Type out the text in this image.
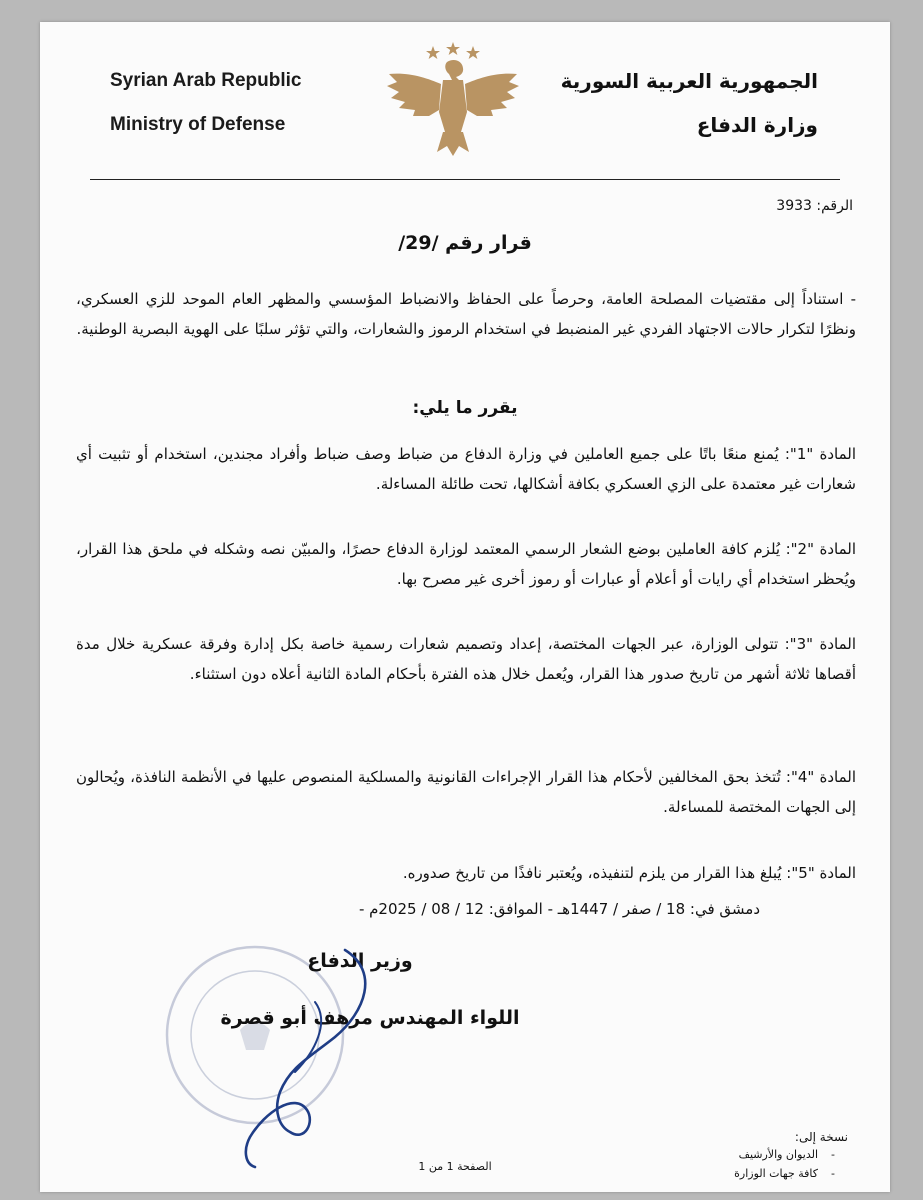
Syrian Arab Republic
Ministry of Defense
الجمهورية العربية السورية
وزارة الدفاع
الرقم: 3933
قرار رقم /29/
- استناداً إلى مقتضيات المصلحة العامة، وحرصاً على الحفاظ والانضباط المؤسسي والمظهر العام الموحد للزي العسكري، ونظرًا لتكرار حالات الاجتهاد الفردي غير المنضبط في استخدام الرموز والشعارات، والتي تؤثر سلبًا على الهوية البصرية الوطنية.
يقرر ما يلي:
المادة "1": يُمنع منعًا باتًا على جميع العاملين في وزارة الدفاع من ضباط وصف ضباط وأفراد مجندين، استخدام أو تثبيت أي شعارات غير معتمدة على الزي العسكري بكافة أشكالها، تحت طائلة المساءلة.
المادة "2": يُلزم كافة العاملين بوضع الشعار الرسمي المعتمد لوزارة الدفاع حصرًا، والمبيّن نصه وشكله في ملحق هذا القرار، ويُحظر استخدام أي رايات أو أعلام أو عبارات أو رموز أخرى غير مصرح بها.
المادة "3": تتولى الوزارة، عبر الجهات المختصة، إعداد وتصميم شعارات رسمية خاصة بكل إدارة وفرقة عسكرية خلال مدة أقصاها ثلاثة أشهر من تاريخ صدور هذا القرار، ويُعمل خلال هذه الفترة بأحكام المادة الثانية أعلاه دون استثناء.
المادة "4": تُتخذ بحق المخالفين لأحكام هذا القرار الإجراءات القانونية والمسلكية المنصوص عليها في الأنظمة النافذة، ويُحالون إلى الجهات المختصة للمساءلة.
المادة "5": يُبلغ هذا القرار من يلزم لتنفيذه، ويُعتبر نافذًا من تاريخ صدوره.
دمشق في: 18 / صفر / 1447هـ - الموافق: 12 / 08 / 2025م -
وزير الدفاع
اللواء المهندس مرهف أبو قصرة
نسخة إلى:
-الديوان والأرشيف
-كافة جهات الوزارة
الصفحة 1 من 1
